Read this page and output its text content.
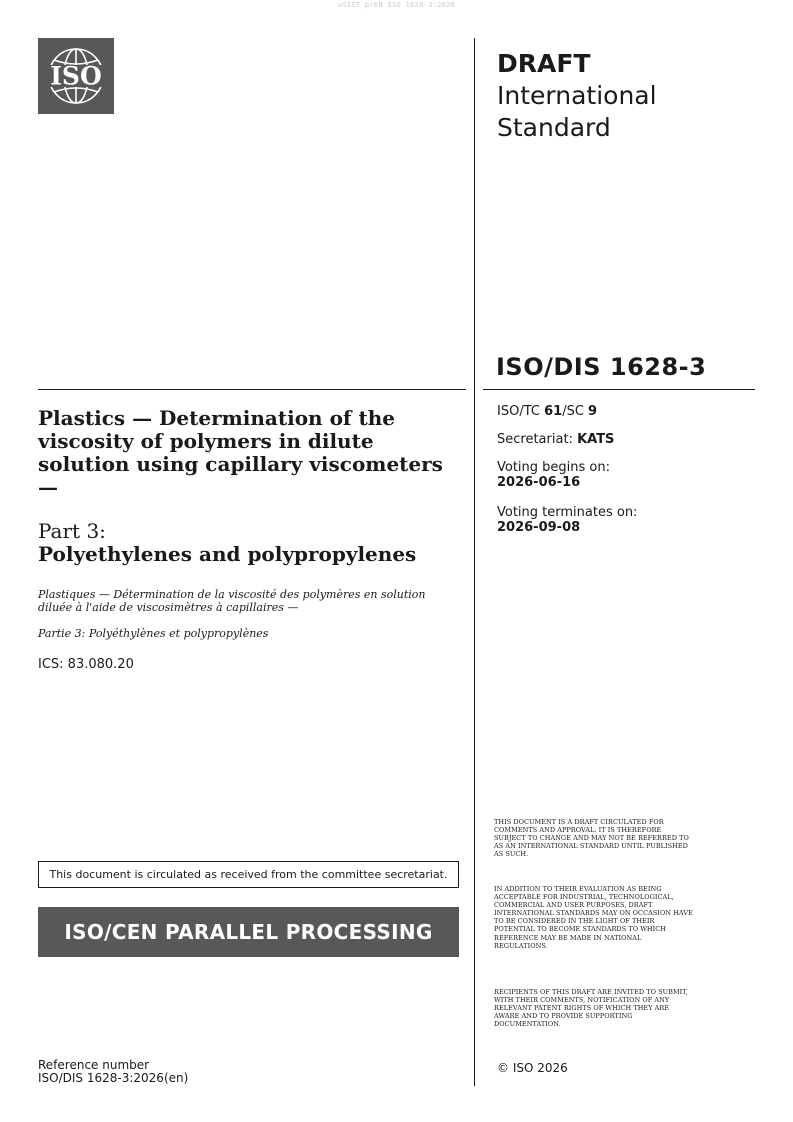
oSIST prEN ISO 1628-3:2026
ISO	DRAFT
International
Standard
ISO/DIS 1628-3
ISO/TC 61/SC 9
Secretariat: KATS
Voting begins on:
2026-06-16
Voting terminates on:
2026-09-08
Plastics — Determination of the viscosity of polymers in dilute solution using capillary viscometers —
Part 3:
Polyethylenes and polypropylenes
Plastiques — Détermination de la viscosité des polymères en solution diluée à l'aide de viscosimètres à capillaires —
Partie 3: Polyéthylènes et polypropylènes
ICS: 83.080.20
This document is circulated as received from the committee secretariat.
ISO/CEN PARALLEL PROCESSING
Reference number
ISO/DIS 1628-3:2026(en)
THIS DOCUMENT IS A DRAFT CIRCULATED FOR COMMENTS AND APPROVAL. IT IS THEREFORE SUBJECT TO CHANGE AND MAY NOT BE REFERRED TO AS AN INTERNATIONAL STANDARD UNTIL PUBLISHED AS SUCH.
IN ADDITION TO THEIR EVALUATION AS BEING ACCEPTABLE FOR INDUSTRIAL, TECHNOLOGICAL, COMMERCIAL AND USER PURPOSES, DRAFT INTERNATIONAL STANDARDS MAY ON OCCASION HAVE TO BE CONSIDERED IN THE LIGHT OF THEIR POTENTIAL TO BECOME STANDARDS TO WHICH REFERENCE MAY BE MADE IN NATIONAL REGULATIONS.
RECIPIENTS OF THIS DRAFT ARE INVITED TO SUBMIT, WITH THEIR COMMENTS, NOTIFICATION OF ANY RELEVANT PATENT RIGHTS OF WHICH THEY ARE AWARE AND TO PROVIDE SUPPORTING DOCUMENTATION.
© ISO 2026
